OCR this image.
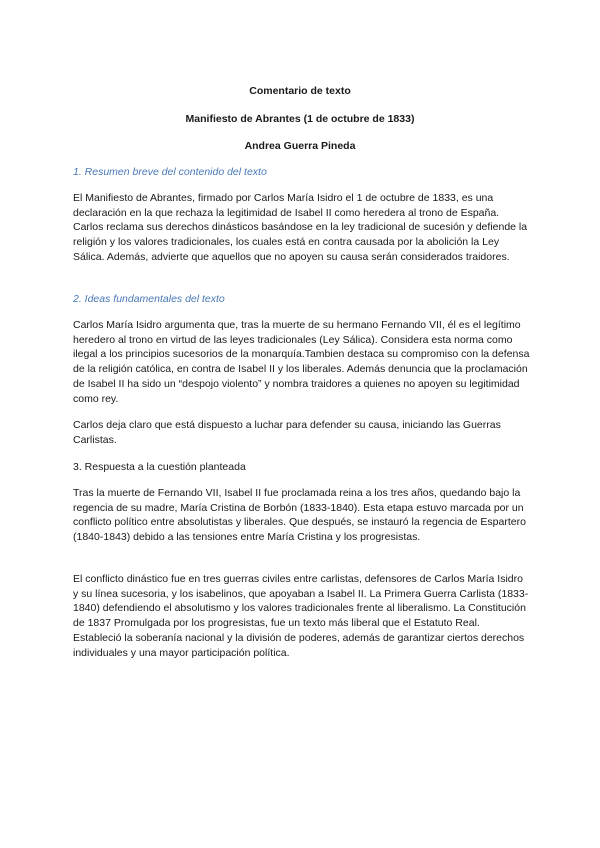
Comentario de texto

Manifiesto de Abrantes (1 de octubre de 1833)

Andrea Guerra Pineda

1. Resumen breve del contenido del texto

El Manifiesto de Abrantes, firmado por Carlos María Isidro el 1 de octubre de 1833, es una declaración en la que rechaza la legitimidad de Isabel II como heredera al trono de España. Carlos reclama sus derechos dinásticos basándose en la ley tradicional de sucesión y defiende la religión y los valores tradicionales, los cuales está en contra causada por la abolición la Ley Sálica. Además, advierte que aquellos que no apoyen su causa serán considerados traidores.

2. Ideas fundamentales del texto

Carlos María Isidro argumenta que, tras la muerte de su hermano Fernando VII, él es el legítimo heredero al trono en virtud de las leyes tradicionales (Ley Sálica). Considera esta norma como ilegal a los principios sucesorios de la monarquía.Tambien destaca su compromiso con la defensa de la religión católica, en contra de Isabel II y los liberales. Además denuncia que la proclamación de Isabel II ha sido un “despojo violento” y nombra traidores a quienes no apoyen su legitimidad como rey.

Carlos deja claro que está dispuesto a luchar para defender su causa, iniciando las Guerras Carlistas.

3. Respuesta a la cuestión planteada

Tras la muerte de Fernando VII, Isabel II fue proclamada reina a los tres años, quedando bajo la regencia de su madre, María Cristina de Borbón (1833-1840). Esta etapa estuvo marcada por un conflicto político entre absolutistas y liberales. Que después, se instauró la regencia de Espartero (1840-1843) debido a las tensiones entre María Cristina y los progresistas.

El conflicto dinástico fue en tres guerras civiles entre carlistas, defensores de Carlos María Isidro y su línea sucesoria, y los isabelinos, que apoyaban a Isabel II. La Primera Guerra Carlista (1833-1840) defendiendo el absolutismo y los valores tradicionales frente al liberalismo. La Constitución de 1837 Promulgada por los progresistas, fue un texto más liberal que el Estatuto Real. Estableció la soberanía nacional y la división de poderes, además de garantizar ciertos derechos individuales y una mayor participación política.
